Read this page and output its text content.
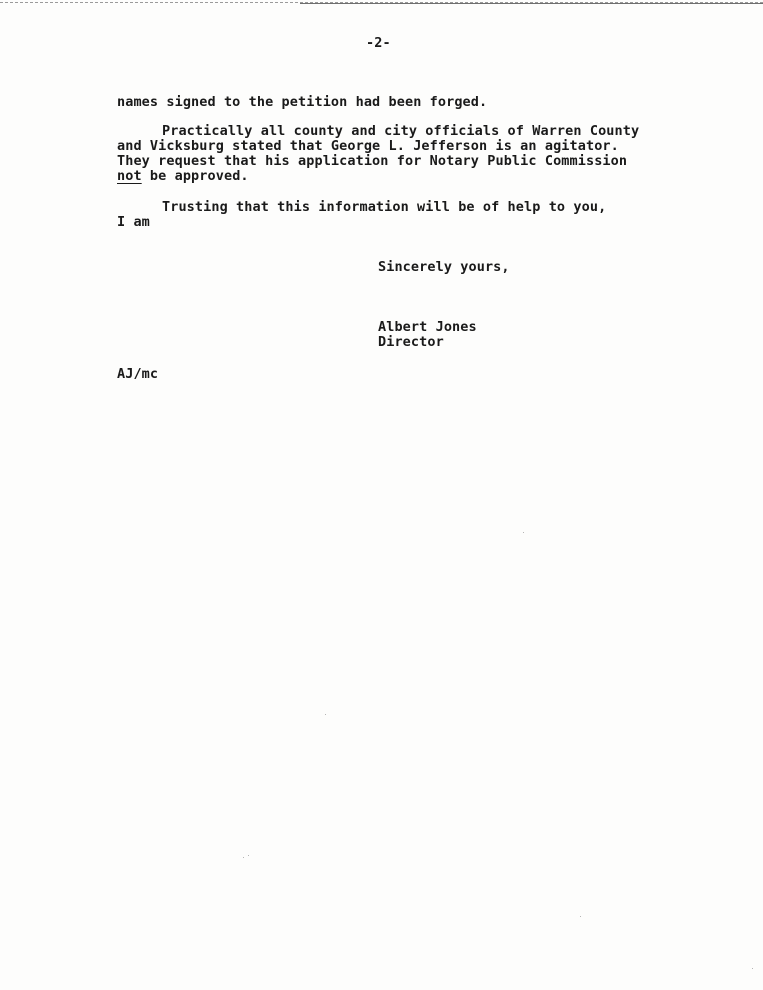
-2-
names signed to the petition had been forged.
Practically all county and city officials of Warren County
and Vicksburg stated that George L. Jefferson is an agitator.
They request that his application for Notary Public Commission
not be approved.
Trusting that this information will be of help to you,
I am
Sincerely yours,
Albert Jones
Director
AJ/mc
